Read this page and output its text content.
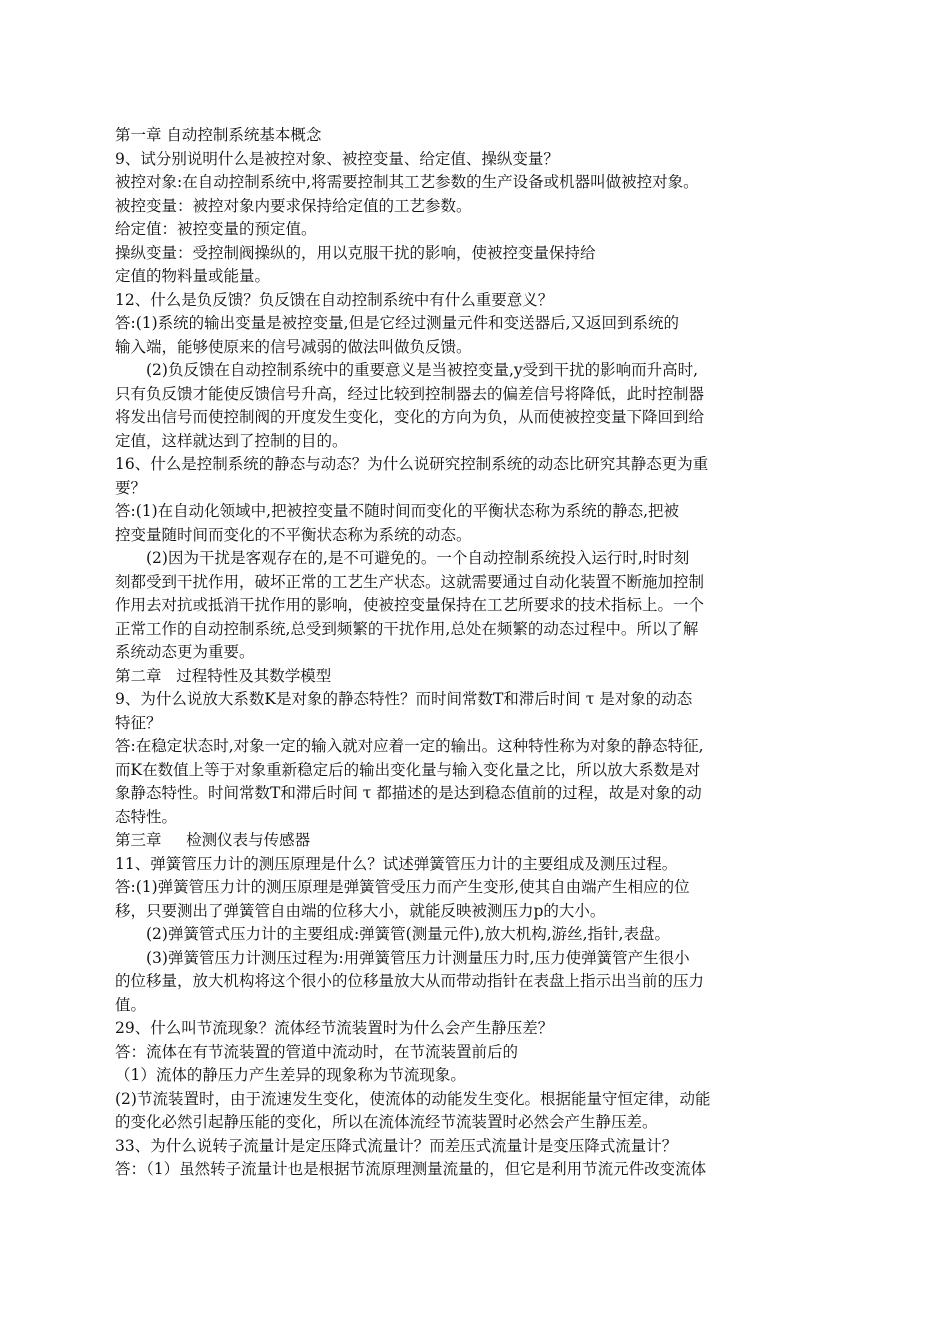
第一章 自动控制系统基本概念

9、试分别说明什么是被控对象、被控变量、给定值、操纵变量？

被控对象:在自动控制系统中,将需要控制其工艺参数的生产设备或机器叫做被控对象。

被控变量：被控对象内要求保持给定值的工艺参数。

给定值：被控变量的预定值。

操纵变量：受控制阀操纵的，用以克服干扰的影响，使被控变量保持给

定值的物料量或能量。

12、什么是负反馈？负反馈在自动控制系统中有什么重要意义？

答:(1)系统的输出变量是被控变量,但是它经过测量元件和变送器后,又返回到系统的

输入端，能够使原来的信号减弱的做法叫做负反馈。

(2)负反馈在自动控制系统中的重要意义是当被控变量,y受到干扰的影响而升高时,

只有负反馈才能使反馈信号升高，经过比较到控制器去的偏差信号将降低，此时控制器

将发出信号而使控制阀的开度发生变化，变化的方向为负，从而使被控变量下降回到给

定值，这样就达到了控制的目的。

16、什么是控制系统的静态与动态？为什么说研究控制系统的动态比研究其静态更为重

要？

答:(1)在自动化领域中,把被控变量不随时间而变化的平衡状态称为系统的静态,把被

控变量随时间而变化的不平衡状态称为系统的动态。

(2)因为干扰是客观存在的,是不可避免的。一个自动控制系统投入运行时,时时刻

刻都受到干扰作用，破坏正常的工艺生产状态。这就需要通过自动化装置不断施加控制

作用去对抗或抵消干扰作用的影响，使被控变量保持在工艺所要求的技术指标上。一个

正常工作的自动控制系统,总受到频繁的干扰作用,总处在频繁的动态过程中。所以了解

系统动态更为重要。

第二章   过程特性及其数学模型

9、为什么说放大系数K是对象的静态特性？而时间常数T和滞后时间 τ 是对象的动态

特征？

答:在稳定状态时,对象一定的输入就对应着一定的输出。这种特性称为对象的静态特征,

而K在数值上等于对象重新稳定后的输出变化量与输入变化量之比，所以放大系数是对

象静态特性。时间常数T和滞后时间 τ 都描述的是达到稳态值前的过程，故是对象的动

态特性。

第三章     检测仪表与传感器

11、弹簧管压力计的测压原理是什么？试述弹簧管压力计的主要组成及测压过程。

答:(1)弹簧管压力计的测压原理是弹簧管受压力而产生变形,使其自由端产生相应的位

移，只要测出了弹簧管自由端的位移大小，就能反映被测压力p的大小。

(2)弹簧管式压力计的主要组成:弹簧管(测量元件),放大机构,游丝,指针,表盘。

(3)弹簧管压力计测压过程为:用弹簧管压力计测量压力时,压力使弹簧管产生很小

的位移量，放大机构将这个很小的位移量放大从而带动指针在表盘上指示出当前的压力

值。

29、什么叫节流现象？流体经节流装置时为什么会产生静压差？

答：流体在有节流装置的管道中流动时，在节流装置前后的

（1）流体的静压力产生差异的现象称为节流现象。

(2)节流装置时，由于流速发生变化，使流体的动能发生变化。根据能量守恒定律，动能

的变化必然引起静压能的变化，所以在流体流经节流装置时必然会产生静压差。

33、为什么说转子流量计是定压降式流量计？而差压式流量计是变压降式流量计？

答：（1）虽然转子流量计也是根据节流原理测量流量的，但它是利用节流元件改变流体
